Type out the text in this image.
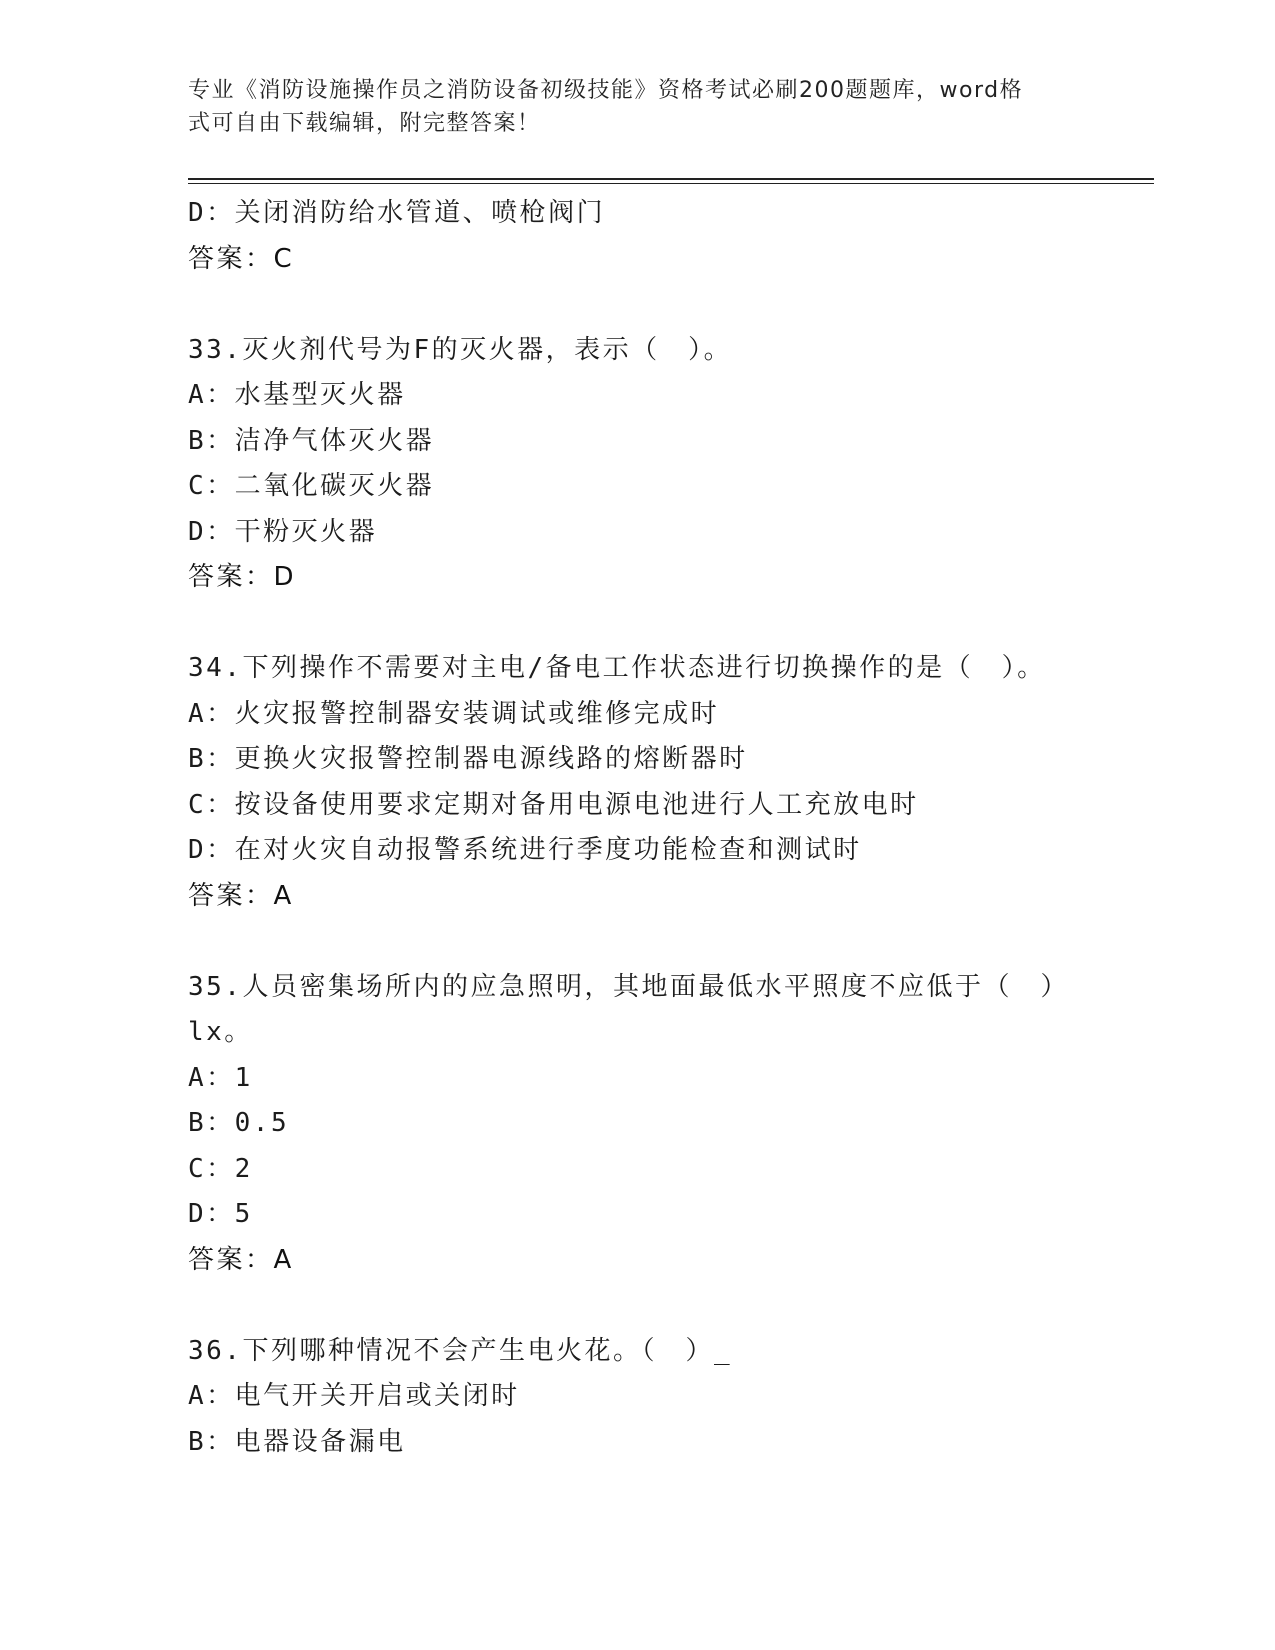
专业《消防设施操作员之消防设备初级技能》资格考试必刷200题题库，word格
式可自由下载编辑，附完整答案！
D：关闭消防给水管道、喷枪阀门
答案：C
33.灭火剂代号为F的灭火器，表示（　）。
A：水基型灭火器
B：洁净气体灭火器
C：二氧化碳灭火器
D：干粉灭火器
答案：D
34.下列操作不需要对主电/备电工作状态进行切换操作的是（　）。
A：火灾报警控制器安装调试或维修完成时
B：更换火灾报警控制器电源线路的熔断器时
C：按设备使用要求定期对备用电源电池进行人工充放电时
D：在对火灾自动报警系统进行季度功能检查和测试时
答案：A
35.人员密集场所内的应急照明，其地面最低水平照度不应低于（　）
lx。
A：1
B：0.5
C：2
D：5
答案：A
36.下列哪种情况不会产生电火花。（　）_
A：电气开关开启或关闭时
B：电器设备漏电
